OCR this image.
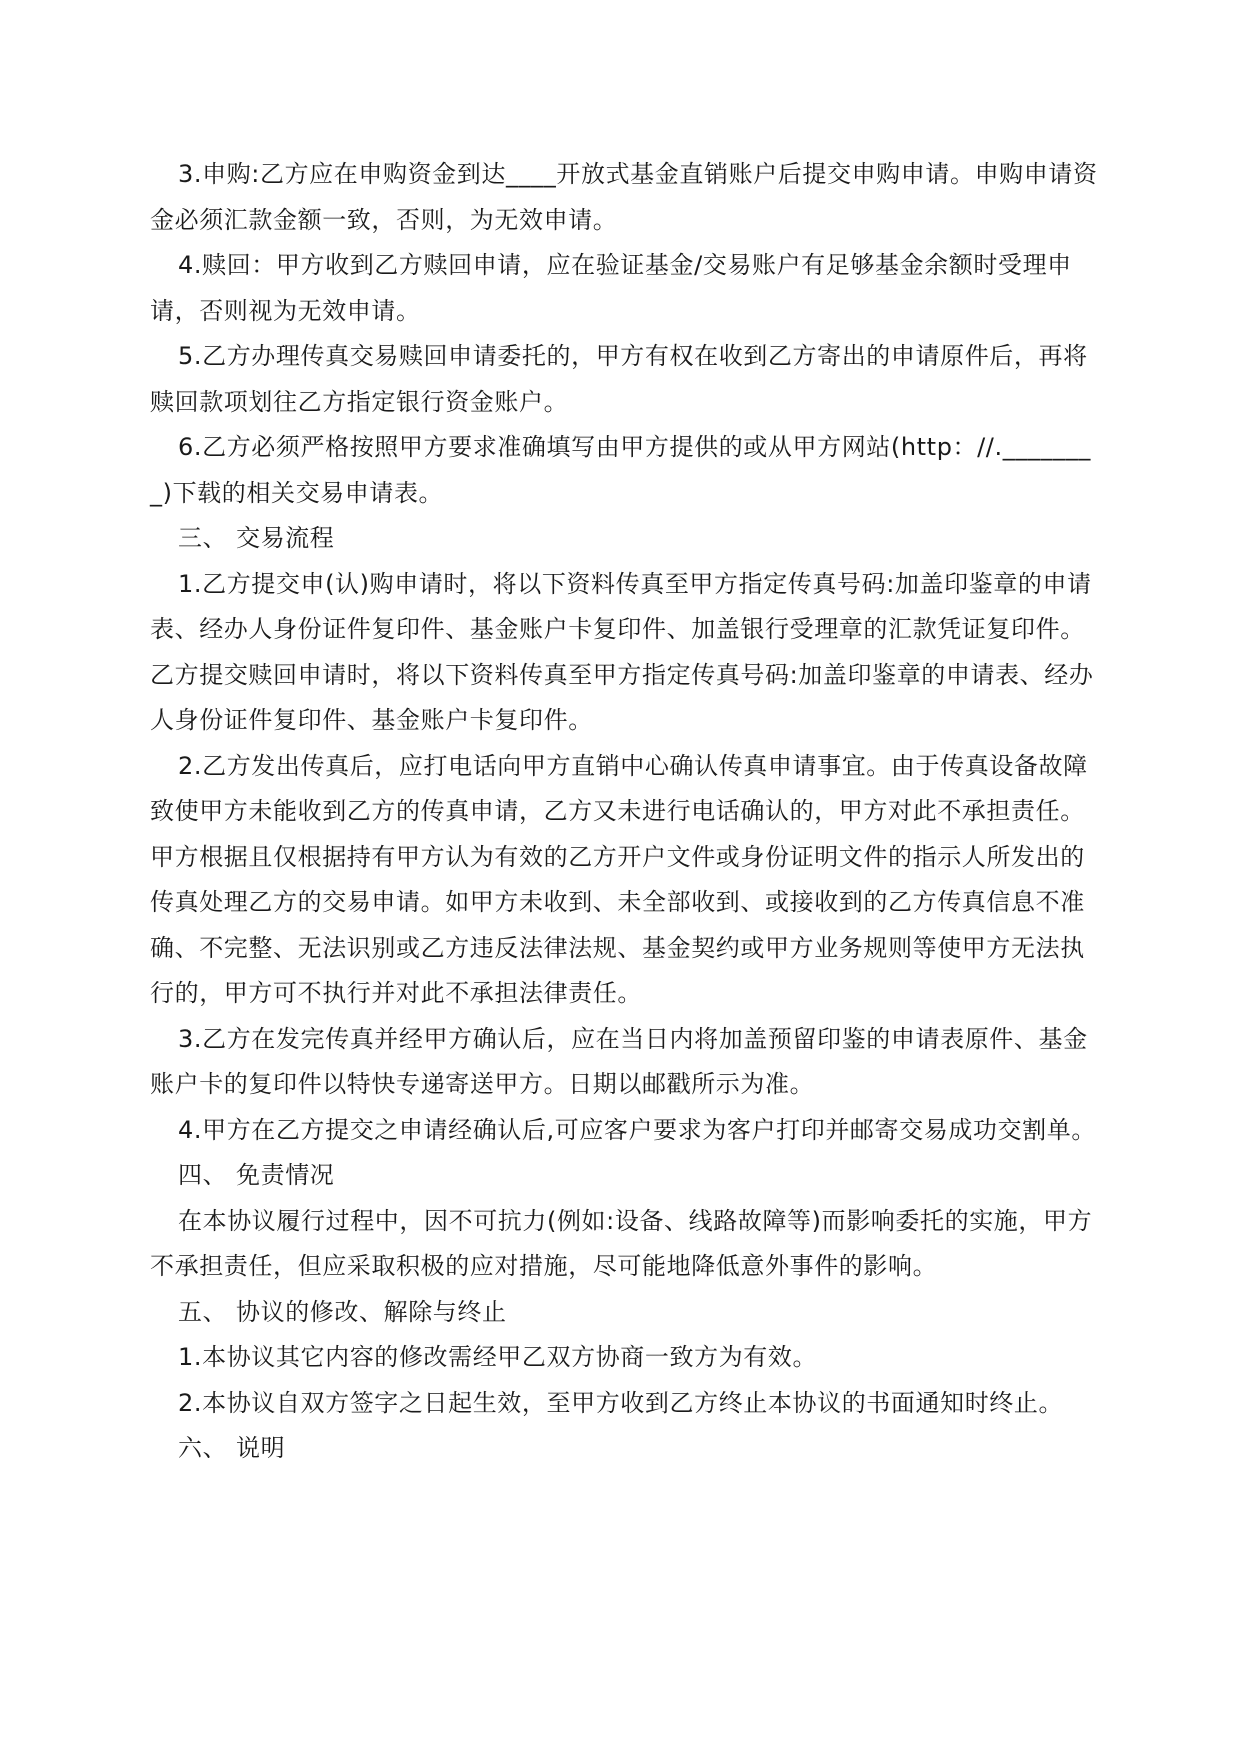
3.申购:乙方应在申购资金到达____开放式基金直销账户后提交申购申请。申购申请资金必须汇款金额一致，否则，为无效申请。

4.赎回：甲方收到乙方赎回申请，应在验证基金/交易账户有足够基金余额时受理申请，否则视为无效申请。

5.乙方办理传真交易赎回申请委托的，甲方有权在收到乙方寄出的申请原件后，再将赎回款项划往乙方指定银行资金账户。

6.乙方必须严格按照甲方要求准确填写由甲方提供的或从甲方网站(http：//.________)下载的相关交易申请表。

三、 交易流程

1.乙方提交申(认)购申请时，将以下资料传真至甲方指定传真号码:加盖印鉴章的申请表、经办人身份证件复印件、基金账户卡复印件、加盖银行受理章的汇款凭证复印件。乙方提交赎回申请时，将以下资料传真至甲方指定传真号码:加盖印鉴章的申请表、经办人身份证件复印件、基金账户卡复印件。

2.乙方发出传真后，应打电话向甲方直销中心确认传真申请事宜。由于传真设备故障致使甲方未能收到乙方的传真申请，乙方又未进行电话确认的，甲方对此不承担责任。甲方根据且仅根据持有甲方认为有效的乙方开户文件或身份证明文件的指示人所发出的传真处理乙方的交易申请。如甲方未收到、未全部收到、或接收到的乙方传真信息不准确、不完整、无法识别或乙方违反法律法规、基金契约或甲方业务规则等使甲方无法执行的，甲方可不执行并对此不承担法律责任。

3.乙方在发完传真并经甲方确认后，应在当日内将加盖预留印鉴的申请表原件、基金账户卡的复印件以特快专递寄送甲方。日期以邮戳所示为准。

4.甲方在乙方提交之申请经确认后,可应客户要求为客户打印并邮寄交易成功交割单。

四、 免责情况

在本协议履行过程中，因不可抗力(例如:设备、线路故障等)而影响委托的实施，甲方不承担责任，但应采取积极的应对措施，尽可能地降低意外事件的影响。

五、 协议的修改、解除与终止

1.本协议其它内容的修改需经甲乙双方协商一致方为有效。

2.本协议自双方签字之日起生效，至甲方收到乙方终止本协议的书面通知时终止。

六、 说明
